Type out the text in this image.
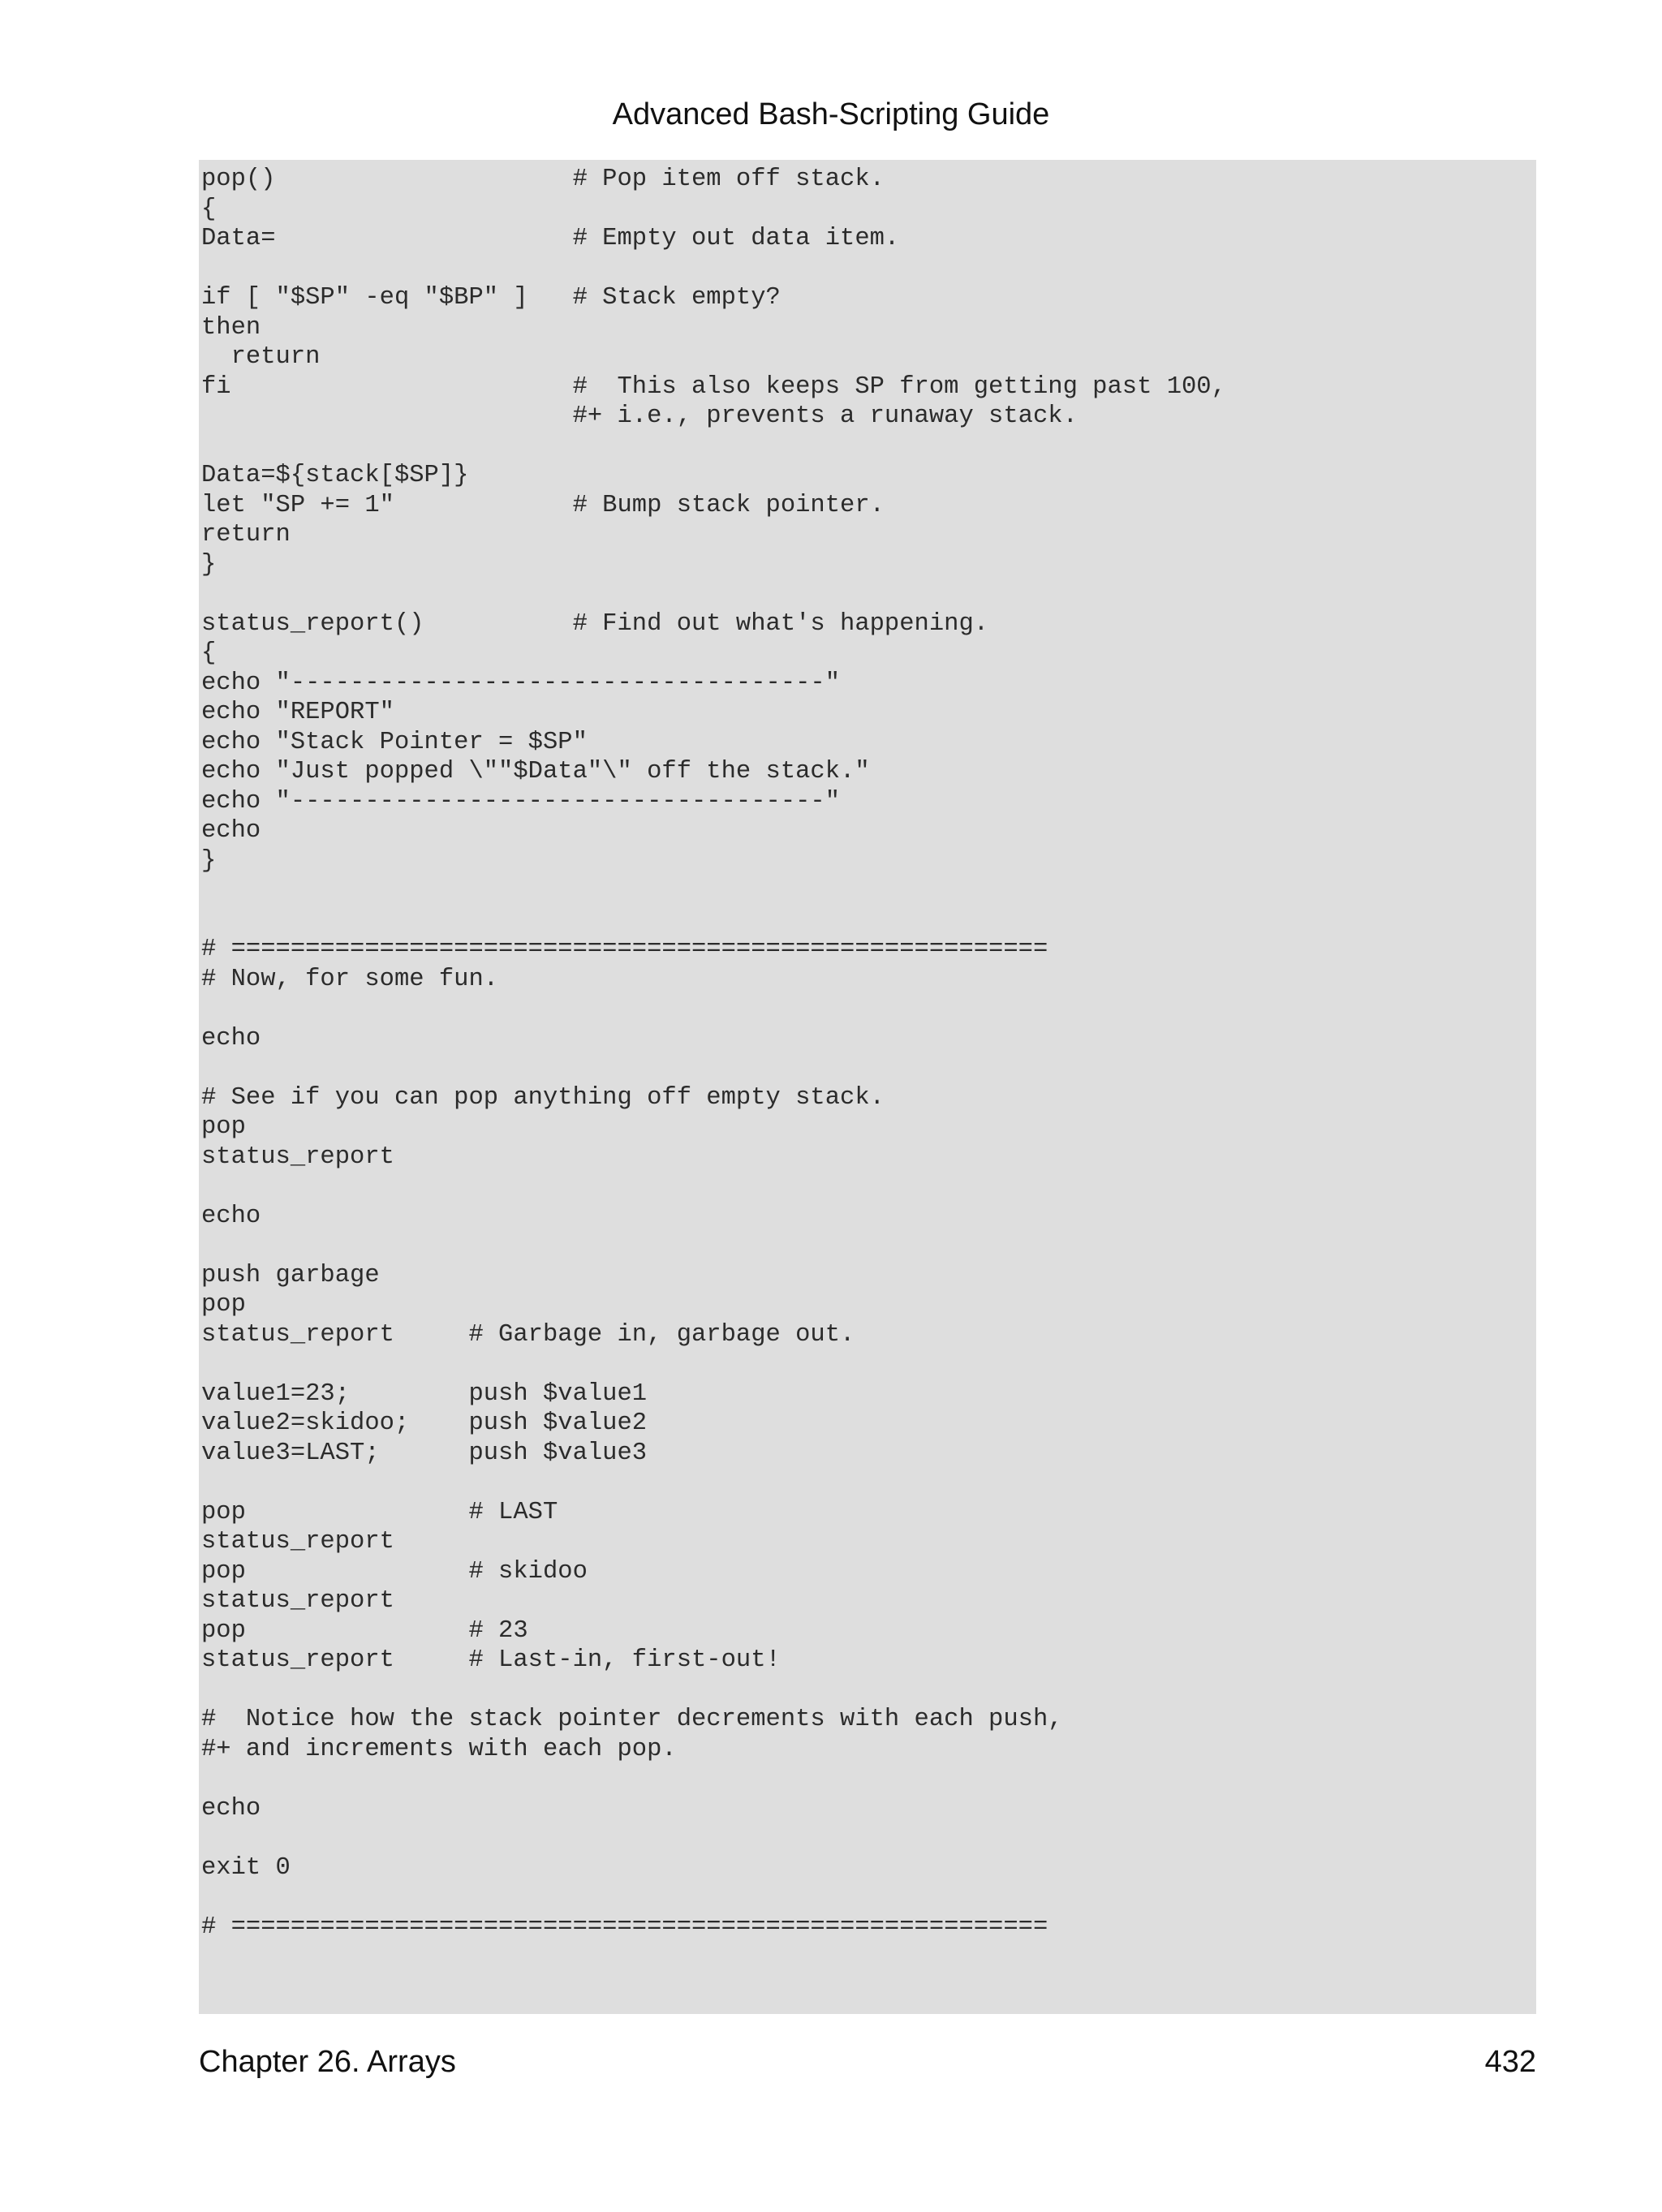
Advanced Bash-Scripting Guide
pop()                    # Pop item off stack.
{
Data=                    # Empty out data item.
if [ "$SP" -eq "$BP" ]   # Stack empty?
then
return
fi                       #  This also keeps SP from getting past 100,
#+ i.e., prevents a runaway stack.
Data=${stack[$SP]}
let "SP += 1"            # Bump stack pointer.
return
}
status_report()          # Find out what's happening.
{
echo "------------------------------------"
echo "REPORT"
echo "Stack Pointer = $SP"
echo "Just popped \""$Data"\" off the stack."
echo "------------------------------------"
echo
}
# =======================================================
# Now, for some fun.
echo
# See if you can pop anything off empty stack.
pop
status_report
echo
push garbage
pop
status_report     # Garbage in, garbage out.
value1=23;        push $value1
value2=skidoo;    push $value2
value3=LAST;      push $value3
pop               # LAST
status_report
pop               # skidoo
status_report
pop               # 23
status_report     # Last-in, first-out!
#  Notice how the stack pointer decrements with each push,
#+ and increments with each pop.
echo
exit 0
# =======================================================
Chapter 26. Arrays	432
